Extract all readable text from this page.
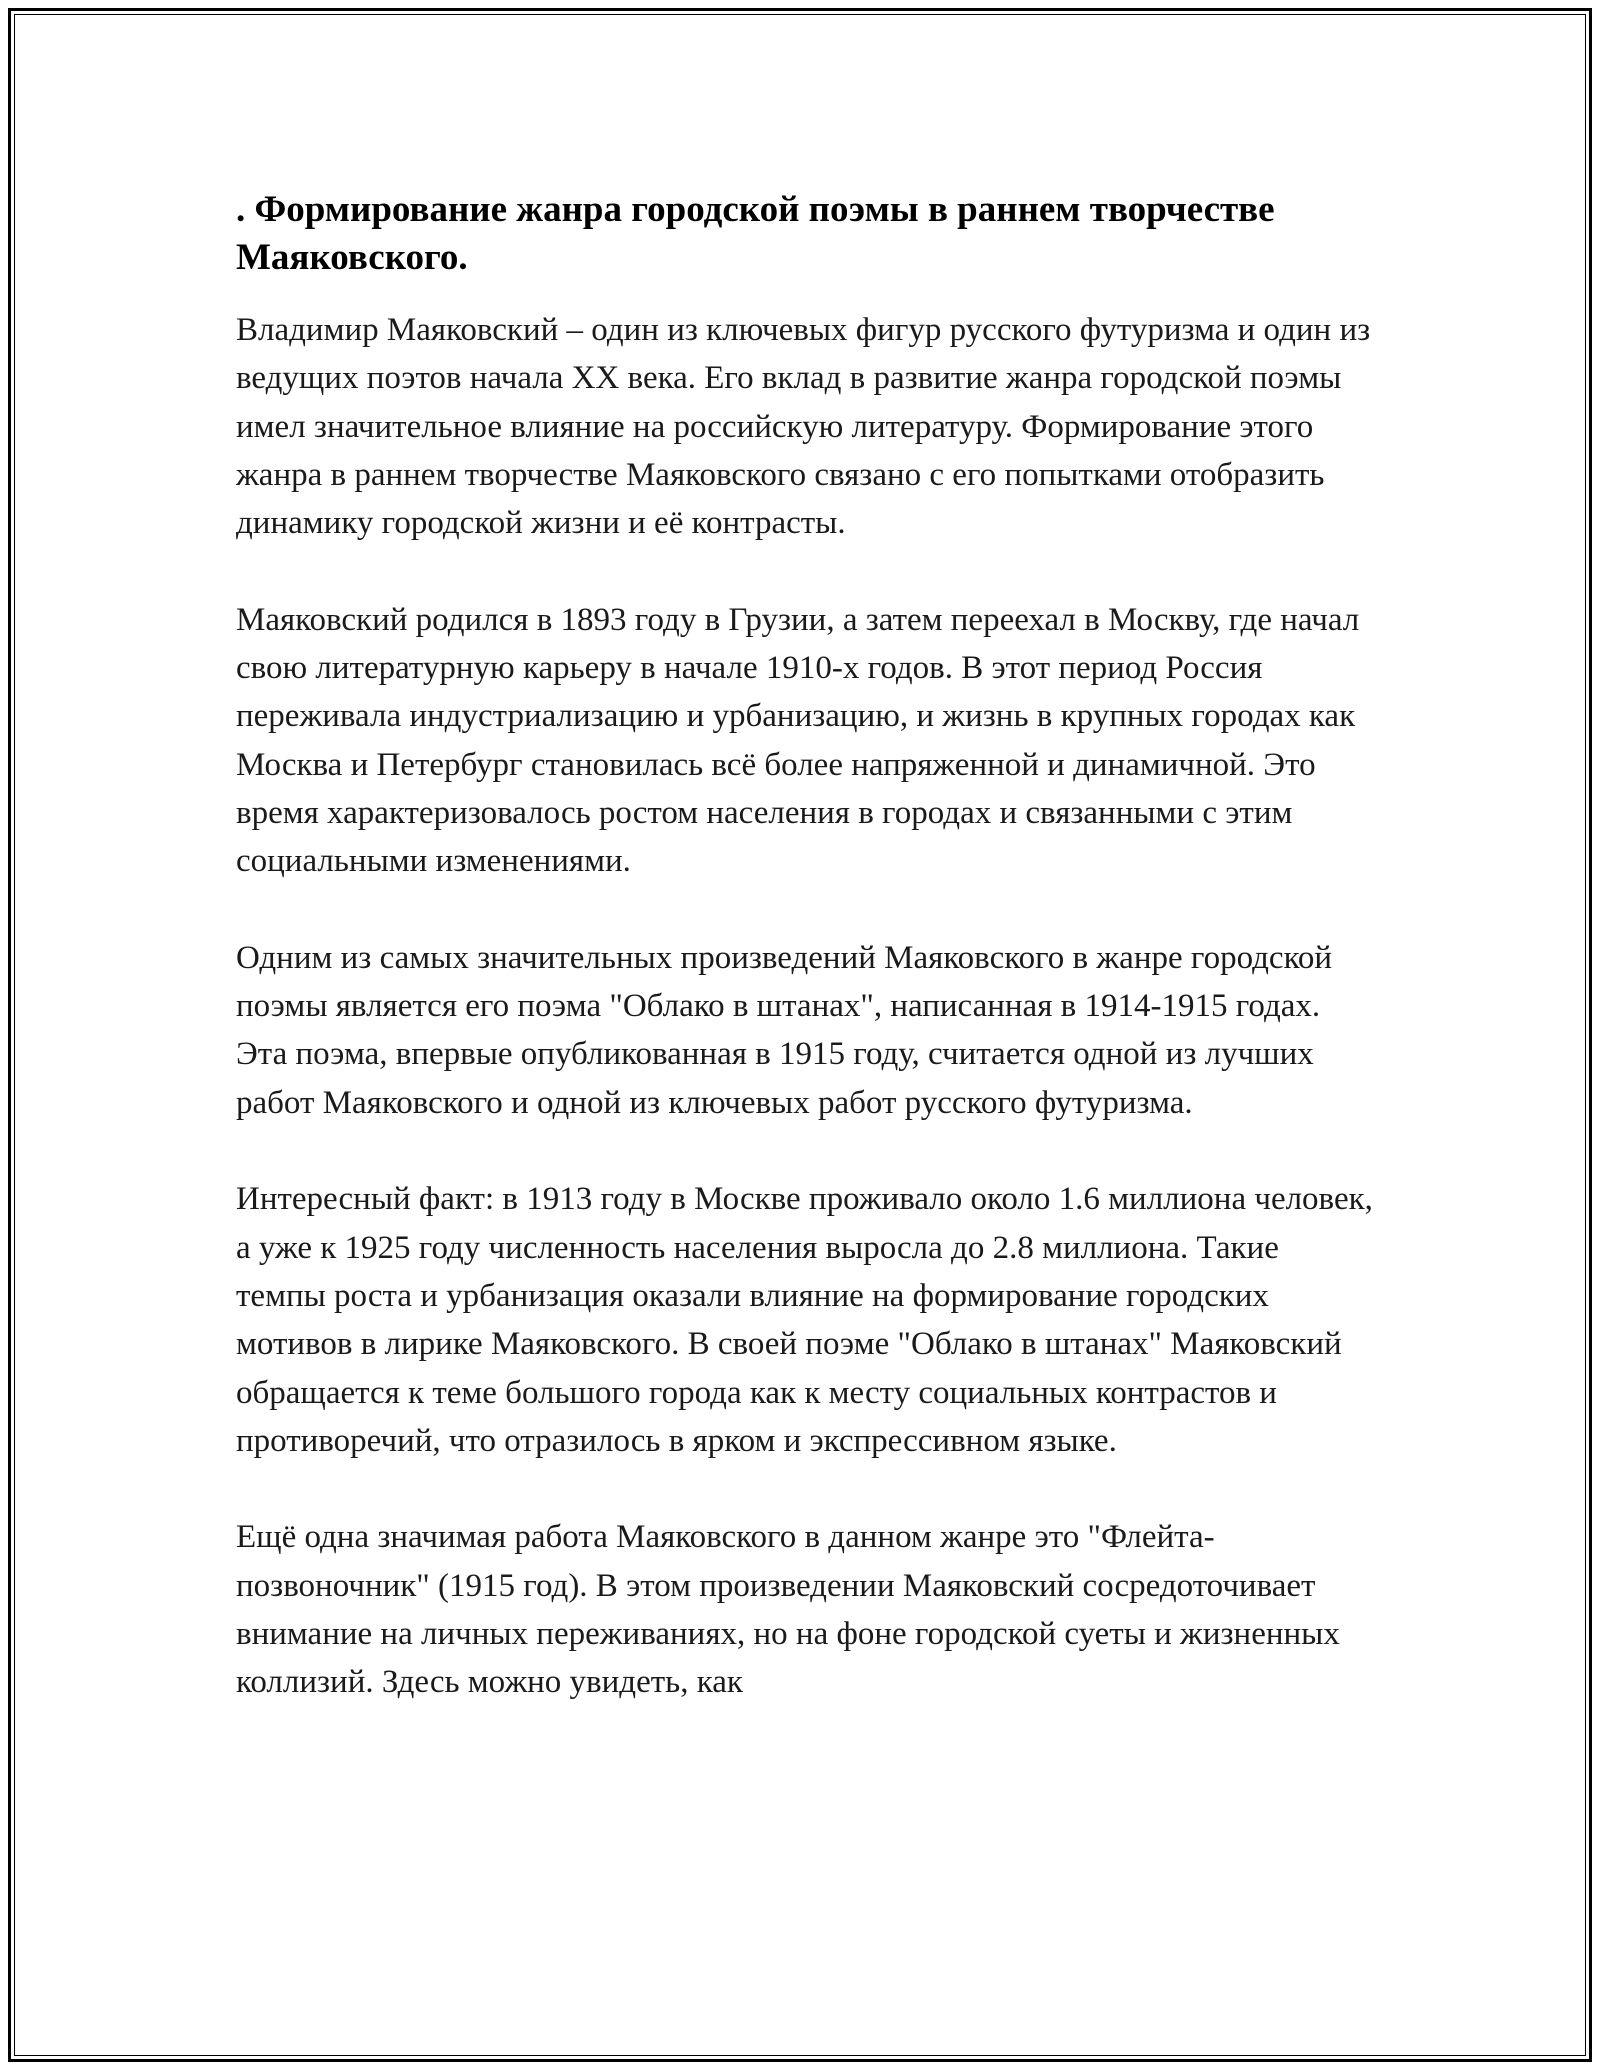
. Формирование жанра городской поэмы в раннем творчестве Маяковского.

Владимир Маяковский – один из ключевых фигур русского футуризма и один из ведущих поэтов начала XX века. Его вклад в развитие жанра городской поэмы имел значительное влияние на российскую литературу. Формирование этого жанра в раннем творчестве Маяковского связано с его попытками отобразить динамику городской жизни и её контрасты.

Маяковский родился в 1893 году в Грузии, а затем переехал в Москву, где начал свою литературную карьеру в начале 1910-х годов. В этот период Россия переживала индустриализацию и урбанизацию, и жизнь в крупных городах как Москва и Петербург становилась всё более напряженной и динамичной. Это время характеризовалось ростом населения в городах и связанными с этим социальными изменениями.

Одним из самых значительных произведений Маяковского в жанре городской поэмы является его поэма "Облако в штанах", написанная в 1914-1915 годах. Эта поэма, впервые опубликованная в 1915 году, считается одной из лучших работ Маяковского и одной из ключевых работ русского футуризма.

Интересный факт: в 1913 году в Москве проживало около 1.6 миллиона человек, а уже к 1925 году численность населения выросла до 2.8 миллиона. Такие темпы роста и урбанизация оказали влияние на формирование городских мотивов в лирике Маяковского. В своей поэме "Облако в штанах" Маяковский обращается к теме большого города как к месту социальных контрастов и противоречий, что отразилось в ярком и экспрессивном языке.

Ещё одна значимая работа Маяковского в данном жанре это "Флейта-позвоночник" (1915 год). В этом произведении Маяковский сосредоточивает внимание на личных переживаниях, но на фоне городской суеты и жизненных коллизий. Здесь можно увидеть, как
